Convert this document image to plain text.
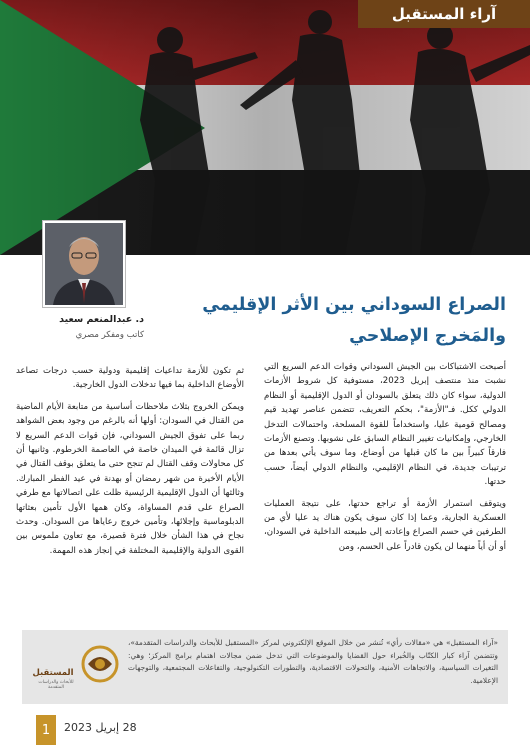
آراء المستقبل
د. عبدالمنعم سعيد
كاتب ومفكر مصري
الصراع السوداني بين الأثر الإقليمي
والمَخرج الإصلاحي

أصبحت الاشتباكات بين الجيش السوداني وقوات الدعم السريع التي نشبت منذ منتصف إبريل 2023، مستوفية كل شروط الأزمات الدولية، سواء كان ذلك يتعلق بالسودان أو الدول الإقليمية أو النظام الدولي ككل. فـ"الأزمة"، بحكم التعريف، تتضمن عناصر تهديد قيم ومصالح قومية عليا، واستخداماً للقوة المسلحة، واحتمالات التدخل الخارجي، وإمكانيات تغيير النظام السابق على نشوبها. وتصنع الأزمات فارقاً كبيراً بين ما كان قبلها من أوضاع، وما سوف يأتي بعدها من ترتيبات جديدة، في النظام الإقليمي، والنظام الدولي أيضاً، حسب حدتها.

ويتوقف استمرار الأزمة أو تراجع حدتها، على نتيجة العمليات العسكرية الجارية، وعما إذا كان سوف يكون هناك يد عليا لأي من الطرفين في حسم الصراع وإعادته إلى طبيعته الداخلية في السودان، أو أن أياً منهما لن يكون قادراً على الحسم، ومن

ثم تكون للأزمة تداعيات إقليمية ودولية حسب درجات تصاعد الأوضاع الداخلية بما فيها تدخلات الدول الخارجية.

ويمكن الخروج بثلاث ملاحظات أساسية من متابعة الأيام الماضية من القتال في السودان: أولها أنه بالرغم من وجود بعض الشواهد ربما على تفوق الجيش السوداني، فإن قوات الدعم السريع لا تزال قائمة في الميدان خاصة في العاصمة الخرطوم. وثانيها أن كل محاولات وقف القتال لم تنجح حتى ما يتعلق بوقف القتال في الأيام الأخيرة من شهر رمضان أو بهدنة في عيد الفطر المبارك. وثالثها أن الدول الإقليمية الرئيسية ظلت على اتصالاتها مع طرفي الصراع على قدم المساواة، وكان همها الأول تأمين بعثاتها الدبلوماسية وإجلائها، وتأمين خروج رعاياها من السودان. وحدث نجاح في هذا الشأن خلال فترة قصيرة، مع تعاون ملموس بين القوى الدولية والإقليمية المختلفة في إنجاز هذه المهمة.

«آراء المستقبل» هي «مقالات رأي» تُنشر من خلال الموقع الإلكتروني لمركز «المستقبل للأبحاث والدراسات المتقدمة»، وتتضمن آراء كبار الكتّاب والخُبراء حول القضايا والموضوعات التي تدخل ضمن مجالات اهتمام برامج المركز؛ وهي: التغيرات السياسية، والاتجاهات الأمنية، والتحولات الاقتصادية، والتطورات التكنولوجية، والتفاعلات المجتمعية، والتوجهات الإعلامية.
المستقبل
للأبحاث والدراسات المتقدمة
1	28 إبريل 2023
